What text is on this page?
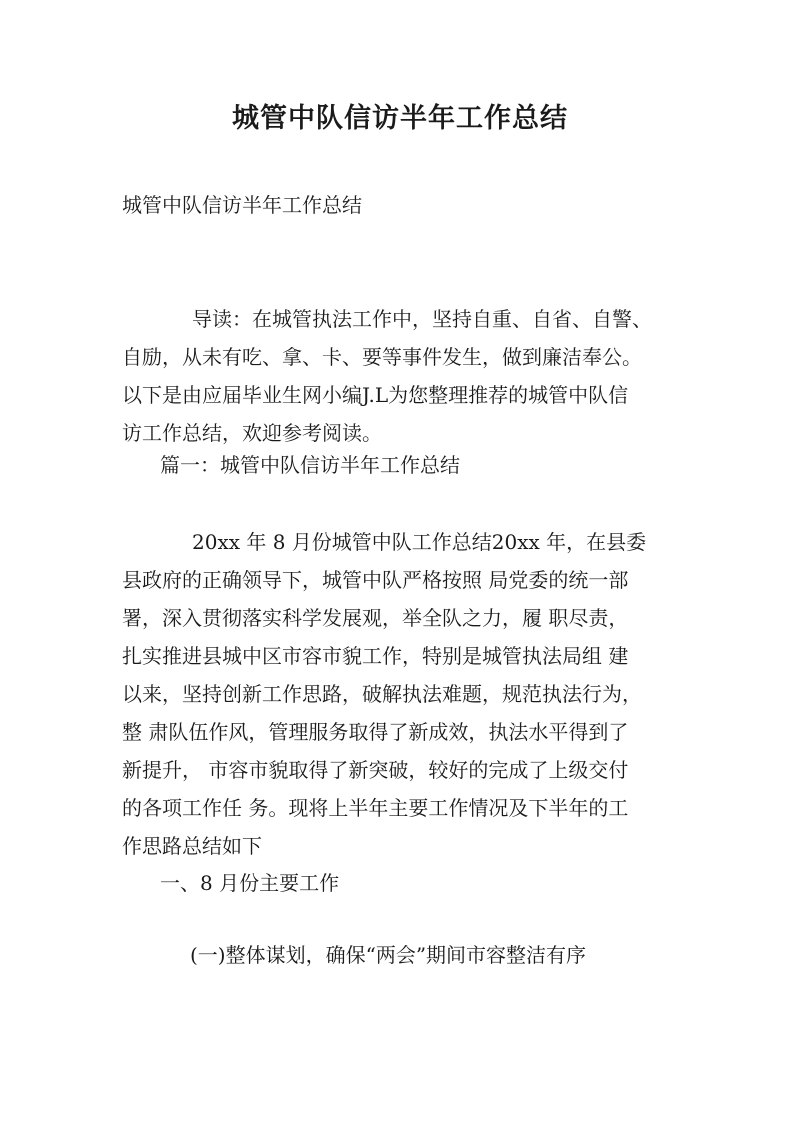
城管中队信访半年工作总结

城管中队信访半年工作总结

导读：在城管执法工作中，坚持自重、自省、自警、
自励，从未有吃、拿、卡、要等事件发生，做到廉洁奉公。
以下是由应届毕业生网小编J.L为您整理推荐的城管中队信
访工作总结，欢迎参考阅读。

篇一：城管中队信访半年工作总结

20xx 年 8 月份城管中队工作总结20xx 年，在县委
县政府的正确领导下，城管中队严格按照 局党委的统一部
署，深入贯彻落实科学发展观，举全队之力，履 职尽责，
扎实推进县城中区市容市貌工作，特别是城管执法局组 建
以来，坚持创新工作思路，破解执法难题，规范执法行为，
整 肃队伍作风，管理服务取得了新成效，执法水平得到了
新提升， 市容市貌取得了新突破，较好的完成了上级交付
的各项工作任 务。现将上半年主要工作情况及下半年的工
作思路总结如下

一、8 月份主要工作

(一)整体谋划，确保“两会”期间市容整洁有序
